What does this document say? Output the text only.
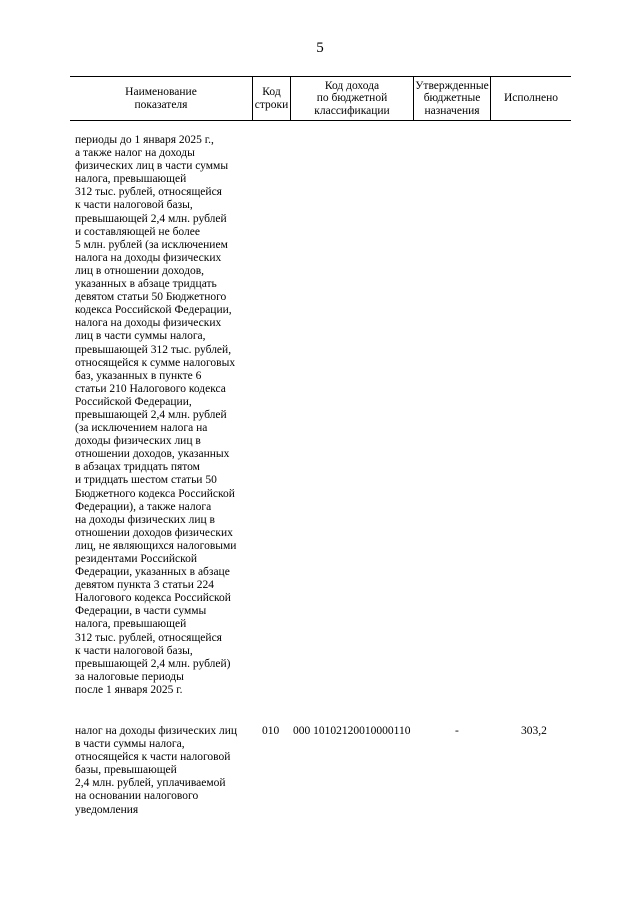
5
Наименование
показателя
Код
строки
Код дохода
по бюджетной
классификации
Утвержденные
бюджетные
назначения
Исполнено
периоды до 1 января 2025 г.,
а также налог на доходы
физических лиц в части суммы
налога, превышающей
312 тыс. рублей, относящейся
к части налоговой базы,
превышающей 2,4 млн. рублей
и составляющей не более
5 млн. рублей (за исключением
налога на доходы физических
лиц в отношении доходов,
указанных в абзаце тридцать
девятом статьи 50 Бюджетного
кодекса Российской Федерации,
налога на доходы физических
лиц в части суммы налога,
превышающей 312 тыс. рублей,
относящейся к сумме налоговых
баз, указанных в пункте 6
статьи 210 Налогового кодекса
Российской Федерации,
превышающей 2,4 млн. рублей
(за исключением налога на
доходы физических лиц в
отношении доходов, указанных
в абзацах тридцать пятом
и тридцать шестом статьи 50
Бюджетного кодекса Российской
Федерации), а также налога
на доходы физических лиц в
отношении доходов физических
лиц, не являющихся налоговыми
резидентами Российской
Федерации, указанных в абзаце
девятом пункта 3 статьи 224
Налогового кодекса Российской
Федерации, в части суммы
налога, превышающей
312 тыс. рублей, относящейся
к части налоговой базы,
превышающей 2,4 млн. рублей)
за налоговые периоды
после 1 января 2025 г.
налог на доходы физических лиц
в части суммы налога,
относящейся к части налоговой
базы, превышающей
2,4 млн. рублей, уплачиваемой
на основании налогового
уведомления
010 000 10102120010000110	-	303,2
